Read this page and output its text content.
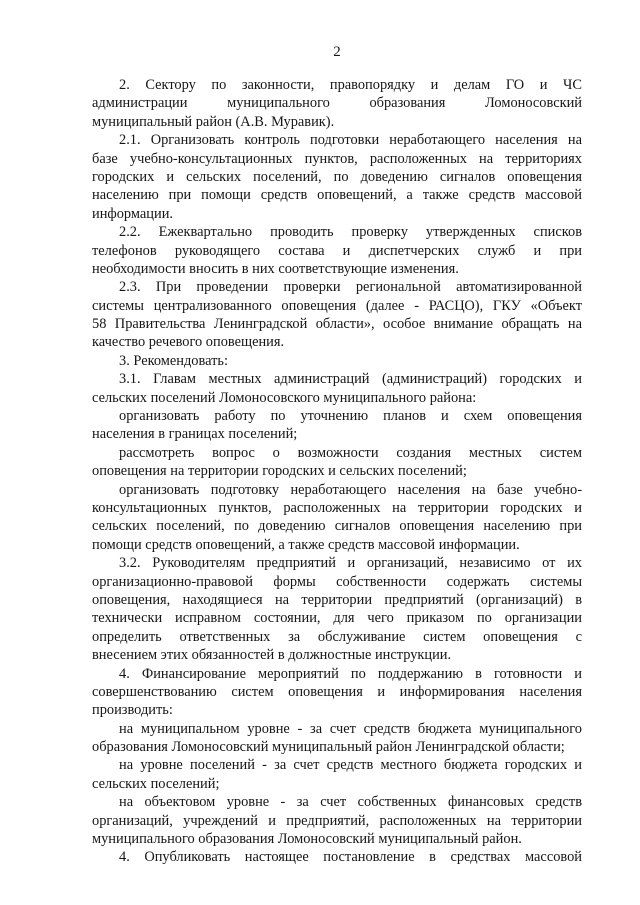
2
2. Сектору по законности, правопорядку и делам ГО и ЧС
администрации муниципального образования Ломоносовский
муниципальный район (А.В. Муравик).
2.1. Организовать контроль подготовки неработающего населения на
базе учебно-консультационных пунктов, расположенных на территориях
городских и сельских поселений, по доведению сигналов оповещения
населению при помощи средств оповещений, а также средств массовой
информации.
2.2. Ежеквартально проводить проверку утвержденных списков
телефонов руководящего состава и диспетчерских служб и при
необходимости вносить в них соответствующие изменения.
2.3. При проведении проверки региональной автоматизированной
системы централизованного оповещения (далее - РАСЦО), ГКУ «Объект
58 Правительства Ленинградской области», особое внимание обращать на
качество речевого оповещения.
3. Рекомендовать:
3.1. Главам местных администраций (администраций) городских и
сельских поселений Ломоносовского муниципального района:
организовать работу по уточнению планов и схем оповещения
населения в границах поселений;
рассмотреть вопрос о возможности создания местных систем
оповещения на территории городских и сельских поселений;
организовать подготовку неработающего населения на базе учебно-
консультационных пунктов, расположенных на территории городских и
сельских поселений, по доведению сигналов оповещения населению при
помощи средств оповещений, а также средств массовой информации.
3.2. Руководителям предприятий и организаций, независимо от их
организационно-правовой формы собственности содержать системы
оповещения, находящиеся на территории предприятий (организаций) в
технически исправном состоянии, для чего приказом по организации
определить ответственных за обслуживание систем оповещения с
внесением этих обязанностей в должностные инструкции.
4. Финансирование мероприятий по поддержанию в готовности и
совершенствованию систем оповещения и информирования населения
производить:
на муниципальном уровне - за счет средств бюджета муниципального
образования Ломоносовский муниципальный район Ленинградской области;
на уровне поселений - за счет средств местного бюджета городских и
сельских поселений;
на объектовом уровне - за счет собственных финансовых средств
организаций, учреждений и предприятий, расположенных на территории
муниципального образования Ломоносовский муниципальный район.
4. Опубликовать настоящее постановление в средствах массовой
